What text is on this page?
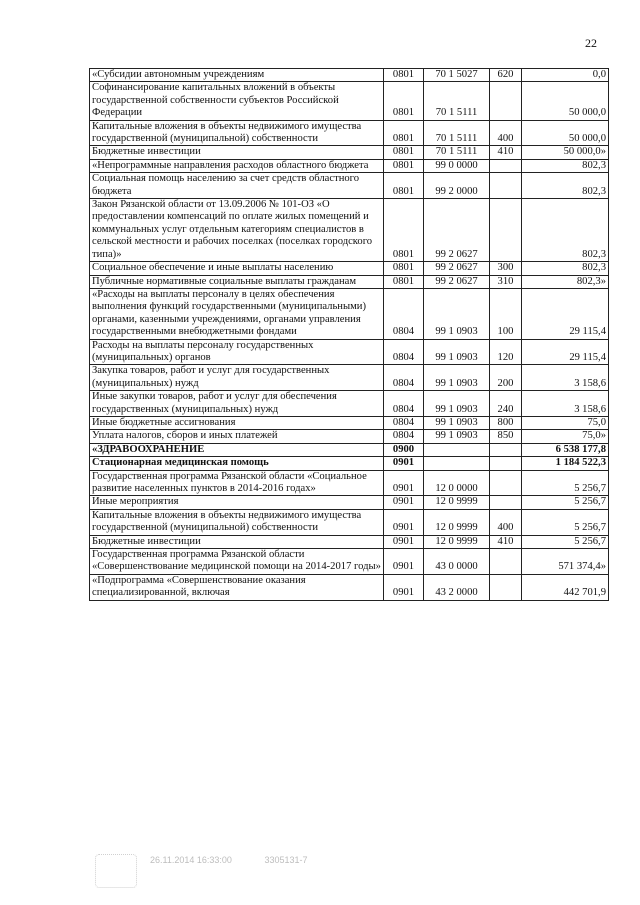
22
«Субсидии автономным учреждениям	0801	70 1 5027	620	0,0
Софинансирование капитальных вложений в объекты государственной собственности субъектов Российской Федерации	0801	70 1 5111		50 000,0
Капитальные вложения в объекты недвижимого имущества государственной (муниципальной) собственности	0801	70 1 5111	400	50 000,0
Бюджетные инвестиции	0801	70 1 5111	410	50 000,0»
«Непрограммные направления расходов областного бюджета	0801	99 0 0000		802,3
Социальная помощь населению за счет средств областного бюджета	0801	99 2 0000		802,3
Закон Рязанской области от 13.09.2006 № 101-ОЗ «О предоставлении компенсаций по оплате жилых помещений и коммунальных услуг отдельным категориям специалистов в сельской местности и рабочих поселках (поселках городского типа)»	0801	99 2 0627		802,3
Социальное обеспечение и иные выплаты населению	0801	99 2 0627	300	802,3
Публичные нормативные социальные выплаты гражданам	0801	99 2 0627	310	802,3»
«Расходы на выплаты персоналу в целях обеспечения выполнения функций государственными (муниципальными) органами, казенными учреждениями, органами управления государственными внебюджетными фондами	0804	99 1 0903	100	29 115,4
Расходы на выплаты персоналу государственных (муниципальных) органов	0804	99 1 0903	120	29 115,4
Закупка товаров, работ и услуг для государственных (муниципальных) нужд	0804	99 1 0903	200	3 158,6
Иные закупки товаров, работ и услуг для обеспечения государственных (муниципальных) нужд	0804	99 1 0903	240	3 158,6
Иные бюджетные ассигнования	0804	99 1 0903	800	75,0
Уплата налогов, сборов и иных платежей	0804	99 1 0903	850	75,0»
«ЗДРАВООХРАНЕНИЕ	0900			6 538 177,8
Стационарная медицинская помощь	0901			1 184 522,3
Государственная программа Рязанской области «Социальное развитие населенных пунктов в 2014-2016 годах»	0901	12 0 0000		5 256,7
Иные мероприятия	0901	12 0 9999		5 256,7
Капитальные вложения в объекты недвижимого имущества государственной (муниципальной) собственности	0901	12 0 9999	400	5 256,7
Бюджетные инвестиции	0901	12 0 9999	410	5 256,7
Государственная программа Рязанской области «Совершенствование медицинской помощи на 2014-2017 годы»	0901	43 0 0000		571 374,4»
«Подпрограмма «Совершенствование оказания специализированной, включая	0901	43 2 0000		442 701,9
26.11.2014 16:33:00	3305131-7
